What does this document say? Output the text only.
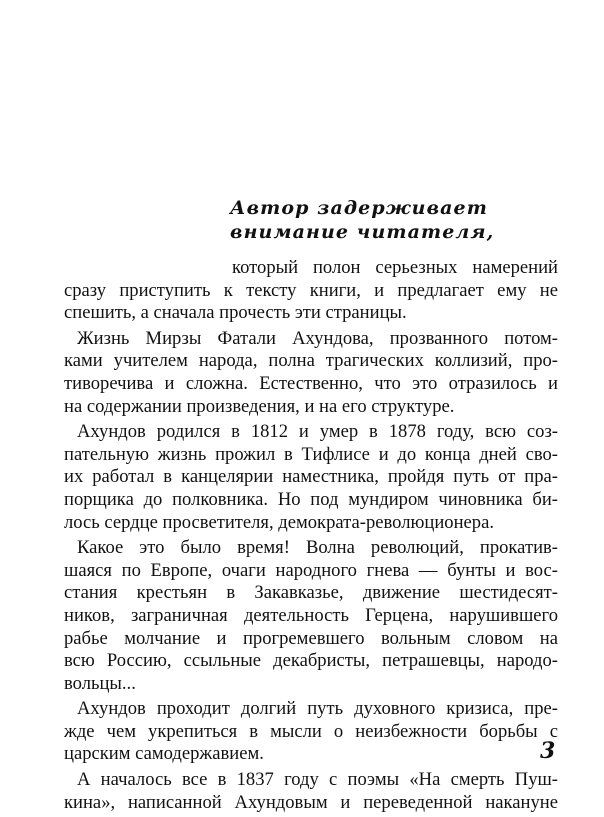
Автор задерживает
внимание читателя,
который полон серьезных намерений
сразу приступить к тексту книги, и предлагает ему не
спешить, а сначала прочесть эти страницы.
Жизнь Мирзы Фатали Ахундова, прозванного потом-
ками учителем народа, полна трагических коллизий, про-
тиворечива и сложна. Естественно, что это отразилось и
на содержании произведения, и на его структуре.
Ахундов родился в 1812 и умер в 1878 году, всю соз-
пательную жизнь прожил в Тифлисе и до конца дней сво-
их работал в канцелярии наместника, пройдя путь от пра-
порщика до полковника. Но под мундиром чиновника би-
лось сердце просветителя, демократа-революционера.
Какое это было время! Волна революций, прокатив-
шаяся по Европе, очаги народного гнева — бунты и вос-
стания крестьян в Закавказье, движение шестидесят-
ников, заграничная деятельность Герцена, нарушившего
рабье молчание и прогремевшего вольным словом на
всю Россию, ссыльные декабристы, петрашевцы, народо-
вольцы...
Ахундов проходит долгий путь духовного кризиса, пре-
жде чем укрепиться в мысли о неизбежности борьбы с
царским самодержавием.
А началось все в 1837 году с поэмы «На смерть Пуш-
кина», написанной Ахундовым и переведенной накануне
3
